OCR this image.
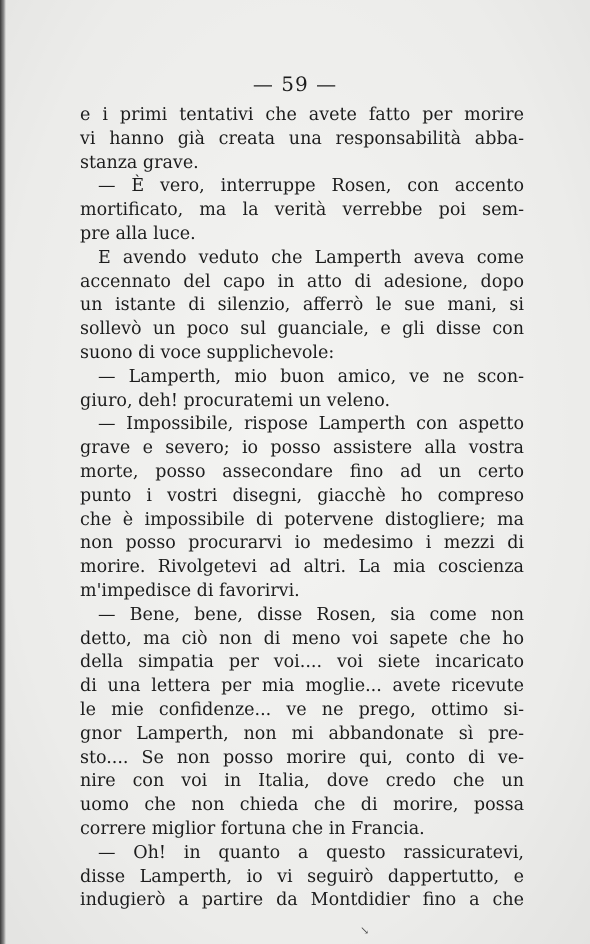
— 59 —
e i primi tentativi che avete fatto per morire
vi hanno già creata una responsabilità abba-
stanza grave.
— È vero, interruppe Rosen, con accento
mortificato, ma la verità verrebbe poi sem-
pre alla luce.
E avendo veduto che Lamperth aveva come
accennato del capo in atto di adesione, dopo
un istante di silenzio, afferrò le sue mani, si
sollevò un poco sul guanciale, e gli disse con
suono di voce supplichevole:
— Lamperth, mio buon amico, ve ne scon-
giuro, deh! procuratemi un veleno.
— Impossibile, rispose Lamperth con aspetto
grave e severo; io posso assistere alla vostra
morte, posso assecondare fino ad un certo
punto i vostri disegni, giacchè ho compreso
che è impossibile di potervene distogliere; ma
non posso procurarvi io medesimo i mezzi di
morire. Rivolgetevi ad altri. La mia coscienza
m'impedisce di favorirvi.
— Bene, bene, disse Rosen, sia come non
detto, ma ciò non di meno voi sapete che ho
della simpatia per voi.... voi siete incaricato
di una lettera per mia moglie... avete ricevute
le mie confidenze... ve ne prego, ottimo si-
gnor Lamperth, non mi abbandonate sì pre-
sto.... Se non posso morire qui, conto di ve-
nire con voi in Italia, dove credo che un
uomo che non chieda che di morire, possa
correre miglior fortuna che in Francia.
— Oh! in quanto a questo rassicuratevi,
disse Lamperth, io vi seguirò dappertutto, e
indugierò a partire da Montdidier fino a che
↘
